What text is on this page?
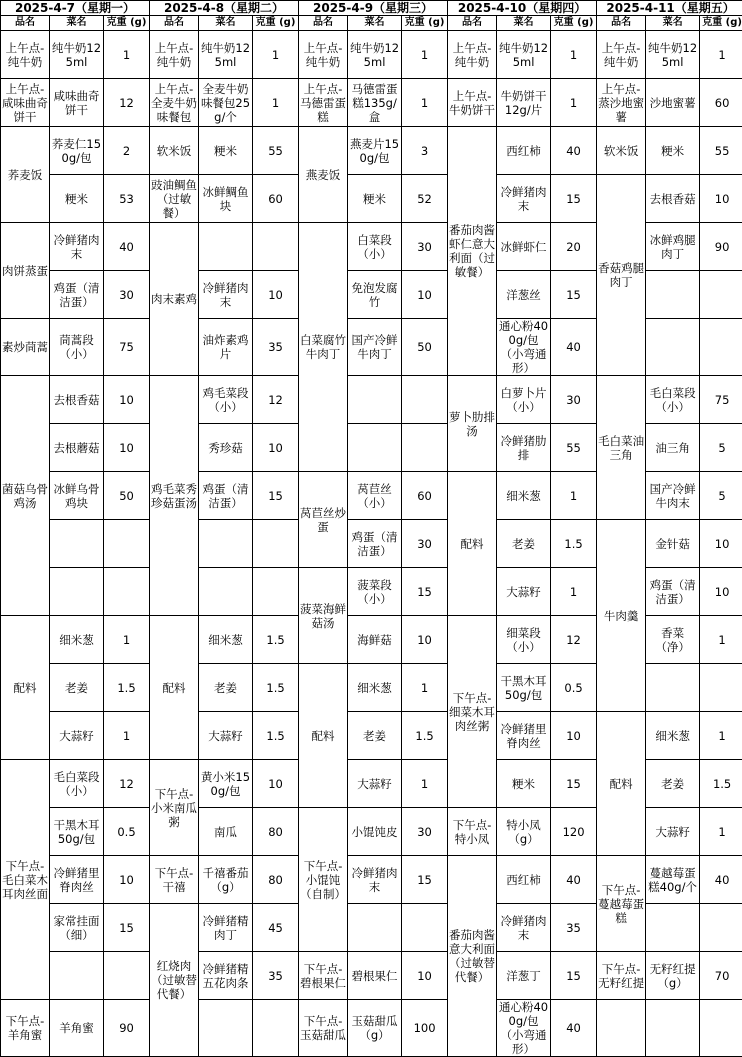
2025-4-7（星期一）			2025-4-8（星期二）			2025-4-9（星期三）			2025-4-10（星期四）			2025-4-11（星期五）		
品名	菜名	克重 (g)	品名	菜名	克重 (g)	品名	菜名	克重 (g)	品名	菜名	克重 (g)	品名	菜名	克重 (g)
上午点-纯牛奶	纯牛奶125ml	1	上午点-纯牛奶	纯牛奶125ml	1	上午点-纯牛奶	纯牛奶125ml	1	上午点-纯牛奶	纯牛奶125ml	1	上午点-纯牛奶	纯牛奶125ml	1
上午点-咸味曲奇饼干	咸味曲奇饼干	12	上午点-全麦牛奶味餐包	全麦牛奶味餐包25g/个	1	上午点-马德雷蛋糕	马德雷蛋糕135g/盒	1	上午点-牛奶饼干	牛奶饼干12g/片	1	上午点-蒸沙地蜜薯	沙地蜜薯	60
荞麦饭	荞麦仁150g/包	2	软米饭	粳米	55	燕麦饭	燕麦片150g/包	3	番茄肉酱虾仁意大利面（过敏餐）	西红柿	40	软米饭	粳米	55
	粳米	53	豉油鲷鱼（过敏餐）	冰鲜鲷鱼块	60		粳米	52		冷鲜猪肉末	15	香菇鸡腿肉丁	去根香菇	10
肉饼蒸蛋	冷鲜猪肉末	40	肉末素鸡			白菜腐竹牛肉丁	白菜段（小）	30		冰鲜虾仁	20		冰鲜鸡腿肉丁	90
	鸡蛋（清洁蛋）	30		冷鲜猪肉末	10		免泡发腐竹	10		洋葱丝	15			
素炒茼蒿	茼蒿段（小）	75		油炸素鸡片	35		国产冷鲜牛肉丁	50		通心粉400g/包（小弯通形）	40			
菌菇乌骨鸡汤	去根香菇	10	鸡毛菜秀珍菇蛋汤	鸡毛菜段（小）	12				萝卜肋排汤	白萝卜片（小）	30	毛白菜油三角	毛白菜段（小）	75
	去根蘑菇	10		秀珍菇	10					冷鲜猪肋排	55		油三角	5
	冰鲜乌骨鸡块	50		鸡蛋（清洁蛋）	15	莴苣丝炒蛋	莴苣丝（小）	60	配料	细米葱	1		国产冷鲜牛肉末	5
							鸡蛋（清洁蛋）	30		老姜	1.5	牛肉羹	金针菇	10
						菠菜海鲜菇汤	菠菜段（小）	15		大蒜籽	1		鸡蛋（清洁蛋）	10
配料	细米葱	1	配料	细米葱	1.5		海鲜菇	10	下午点-细菜木耳肉丝粥	细菜段（小）	12		香菜（净）	1
	老姜	1.5		老姜	1.5	配料	细米葱	1		干黑木耳50g/包	0.5			
	大蒜籽	1		大蒜籽	1.5		老姜	1.5		冷鲜猪里脊肉丝	10	配料	细米葱	1
下午点-毛白菜木耳肉丝面	毛白菜段（小）	12	下午点-小米南瓜粥	黄小米150g/包	10		大蒜籽	1		粳米	15		老姜	1.5
	干黑木耳50g/包	0.5		南瓜	80	下午点-小馄饨（自制）	小馄饨皮	30	下午点-特小凤	特小凤（g）	120		大蒜籽	1
	冷鲜猪里脊肉丝	10	下午点-干禧	千禧番茄（g）	80		冷鲜猪肉末	15	番茄肉酱意大利面（过敏替代餐）	西红柿	40	下午点-蔓越莓蛋糕	蔓越莓蛋糕40g/个	40
	家常挂面（细）	15	红烧肉（过敏替代餐）	冷鲜猪精肉丁	45					冷鲜猪肉末	35			
				冷鲜猪精五花肉条	35	下午点-碧根果仁	碧根果仁	10		洋葱丁	15	下午点-无籽红提	无籽红提（g）	70
下午点-羊角蜜	羊角蜜	90				下午点-玉菇甜瓜	玉菇甜瓜（g）	100		通心粉400g/包（小弯通形）	40			
